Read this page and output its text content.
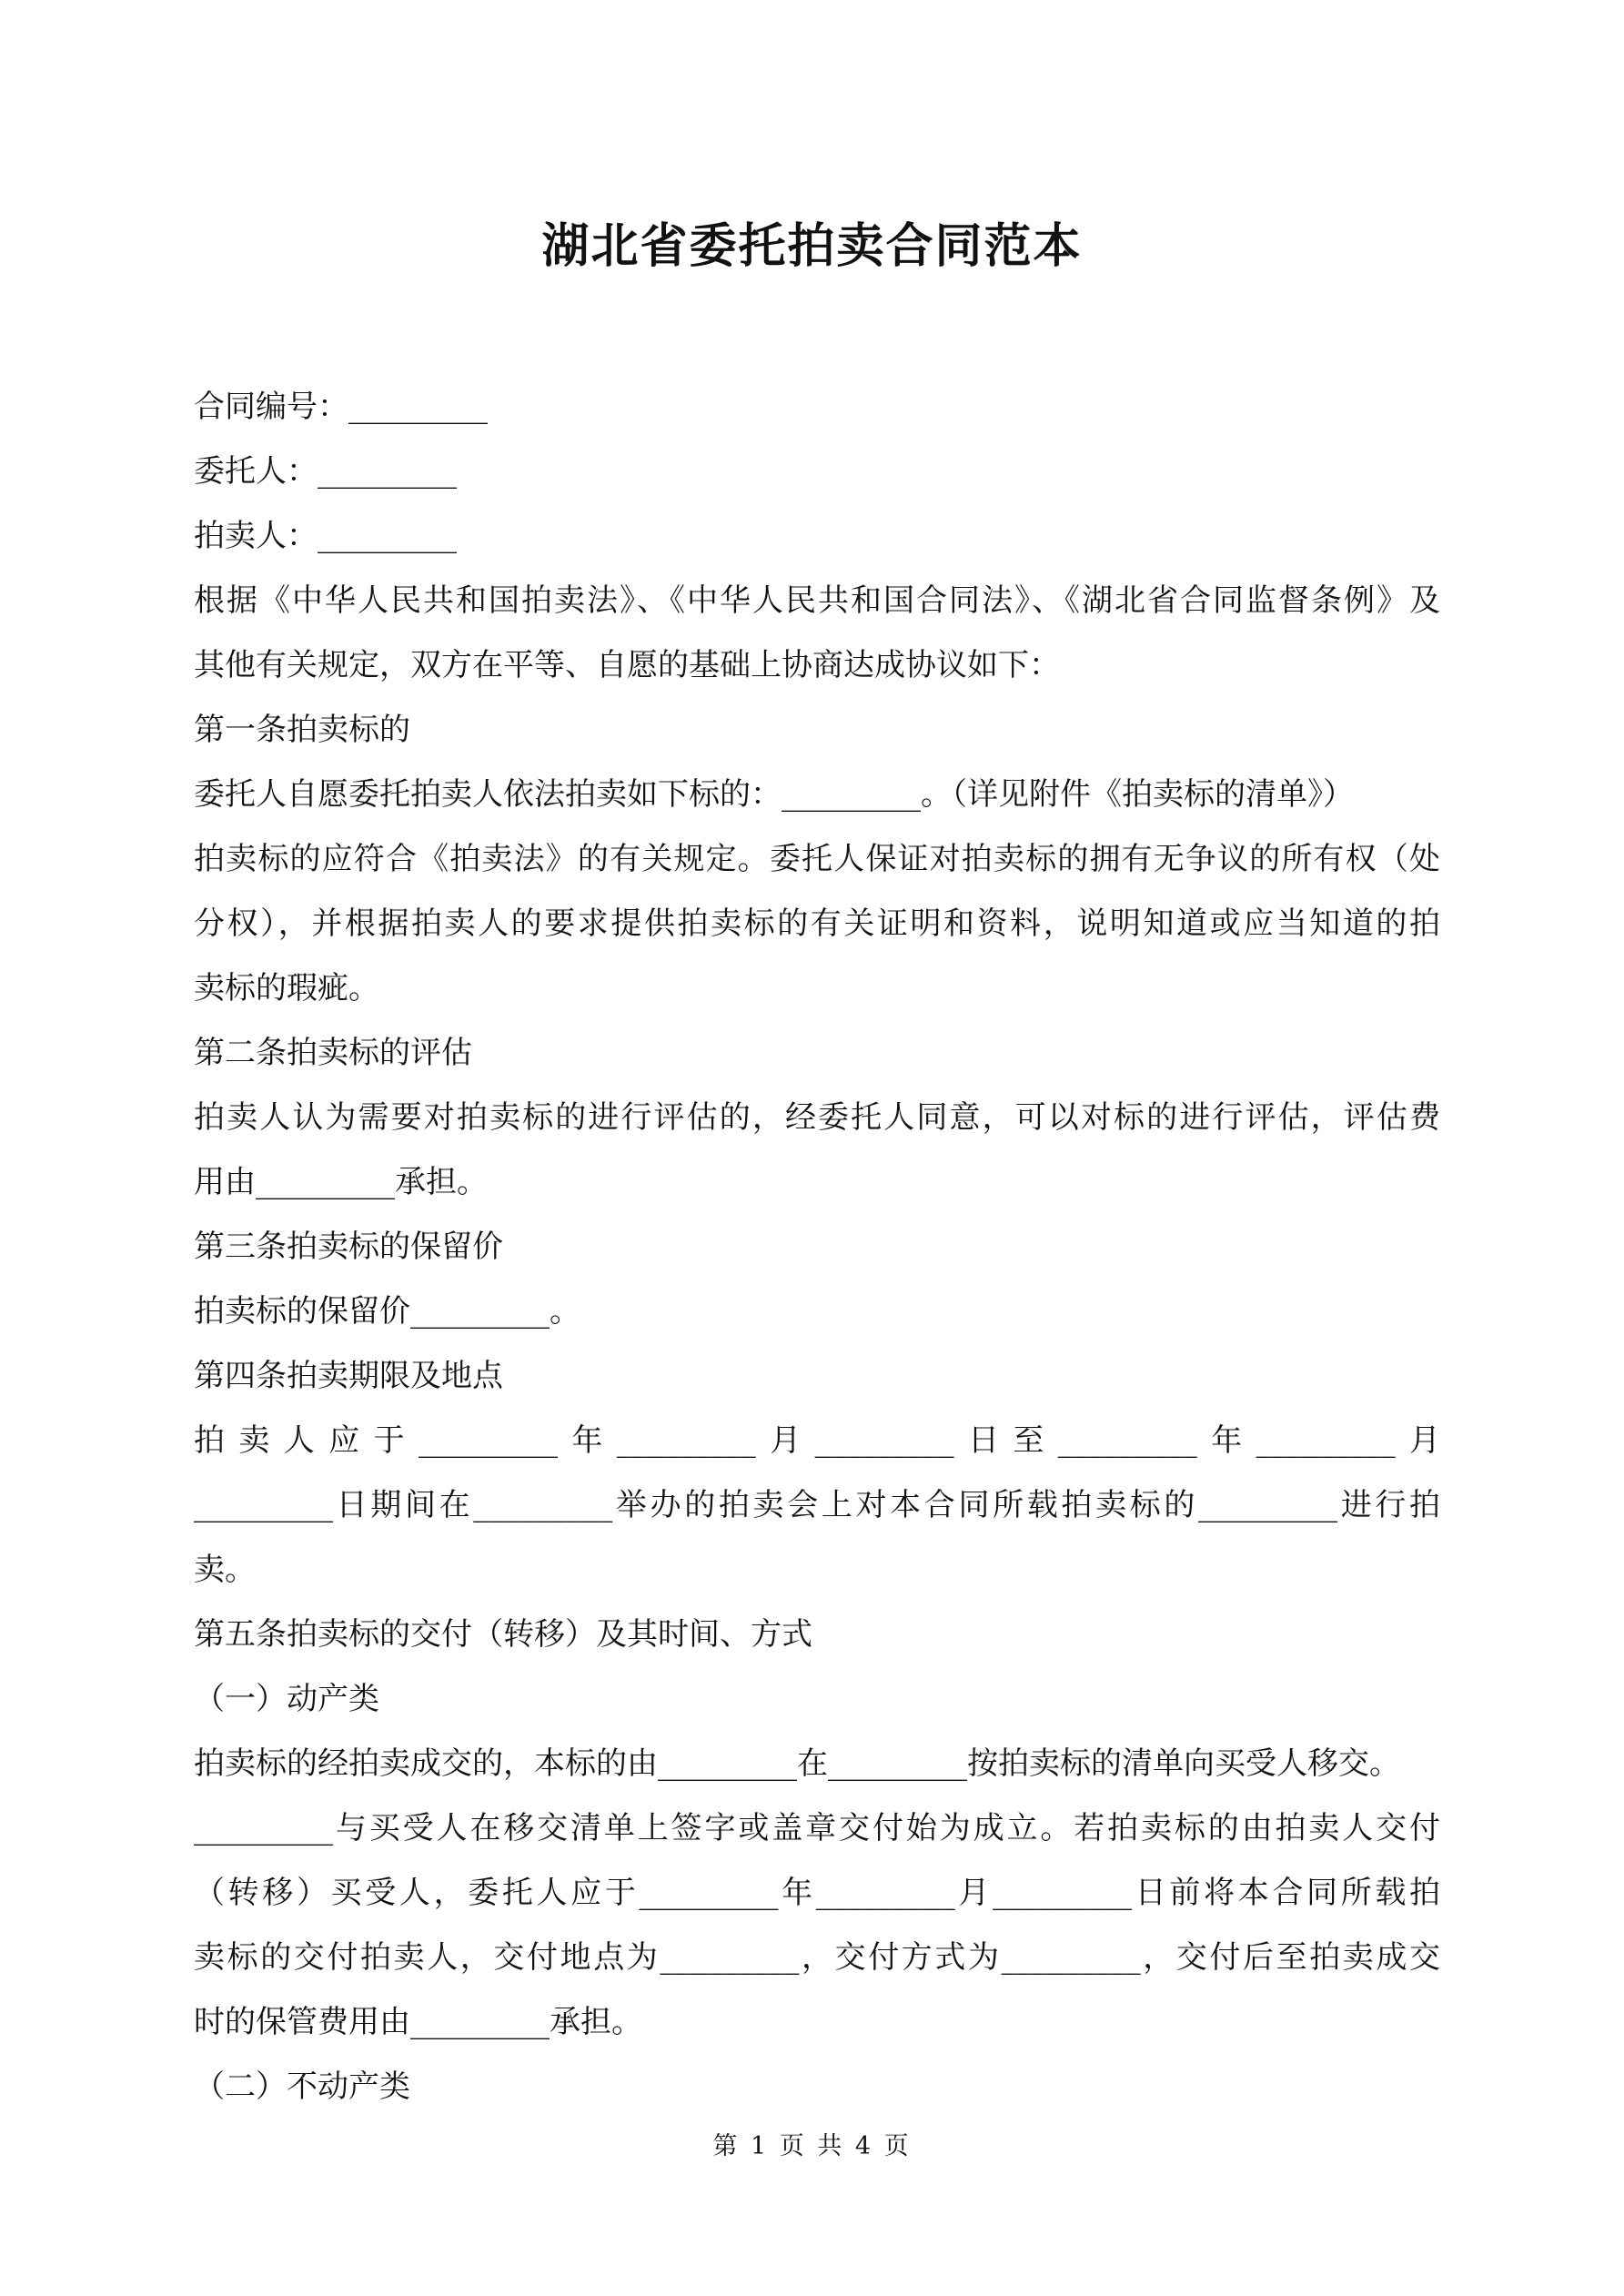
湖北省委托拍卖合同范本
合同编号：_________
委托人：_________
拍卖人：_________
根据《中华人民共和国拍卖法》、《中华人民共和国合同法》、《湖北省合同监督条例》及
其他有关规定，双方在平等、自愿的基础上协商达成协议如下：
第一条拍卖标的
委托人自愿委托拍卖人依法拍卖如下标的：_________。（详见附件《拍卖标的清单》）
拍卖标的应符合《拍卖法》的有关规定。委托人保证对拍卖标的拥有无争议的所有权（处
分权），并根据拍卖人的要求提供拍卖标的有关证明和资料，说明知道或应当知道的拍
卖标的瑕疵。
第二条拍卖标的评估
拍卖人认为需要对拍卖标的进行评估的，经委托人同意，可以对标的进行评估，评估费
用由_________承担。
第三条拍卖标的保留价
拍卖标的保留价_________。
第四条拍卖期限及地点
拍卖人应于_________年_________月_________日至_________年_________月
_________日期间在_________举办的拍卖会上对本合同所载拍卖标的_________进行拍
卖。
第五条拍卖标的交付（转移）及其时间、方式
（一）动产类
拍卖标的经拍卖成交的，本标的由_________在_________按拍卖标的清单向买受人移交。
_________与买受人在移交清单上签字或盖章交付始为成立。若拍卖标的由拍卖人交付
（转移）买受人，委托人应于_________年_________月_________日前将本合同所载拍
卖标的交付拍卖人，交付地点为_________，交付方式为_________，交付后至拍卖成交
时的保管费用由_________承担。
（二）不动产类
第 1 页 共 4 页
